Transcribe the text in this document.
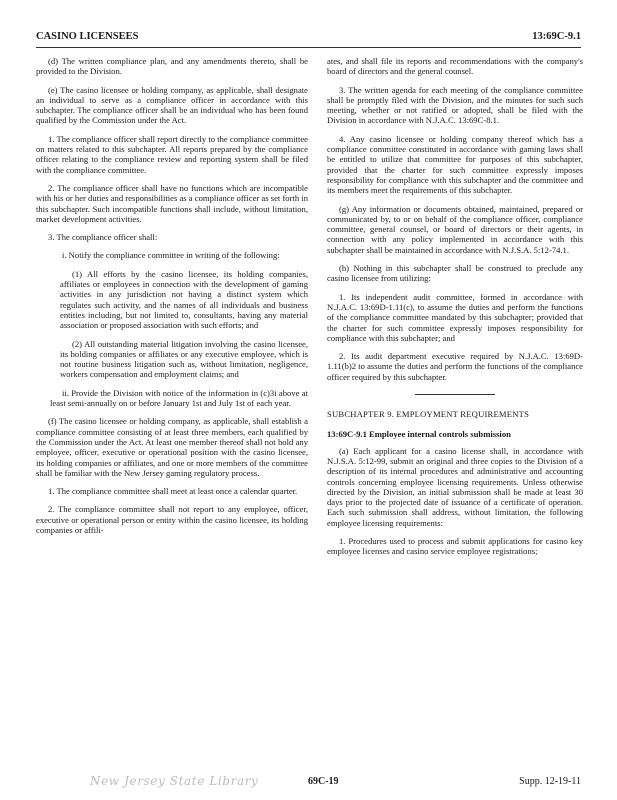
CASINO LICENSEES	13:69C-9.1

(d) The written compliance plan, and any amendments thereto, shall be provided to the Division.

(e) The casino licensee or holding company, as applicable, shall designate an individual to serve as a compliance officer in accordance with this subchapter. The compliance officer shall be an individual who has been found qualified by the Commission under the Act.

1. The compliance officer shall report directly to the compliance committee on matters related to this subchapter. All reports prepared by the compliance officer relating to the compliance review and reporting system shall be filed with the compliance committee.

2. The compliance officer shall have no functions which are incompatible with his or her duties and responsibilities as a compliance officer as set forth in this subchapter. Such incompatible functions shall include, without limitation, market development activities.

3. The compliance officer shall:

i. Notify the compliance committee in writing of the following:

(1) All efforts by the casino licensee, its holding companies, affiliates or employees in connection with the development of gaming activities in any jurisdiction not having a distinct system which regulates such activity, and the names of all individuals and business entities including, but not limited to, consultants, having any material association or proposed association with such efforts; and

(2) All outstanding material litigation involving the casino licensee, its holding companies or affiliates or any executive employee, which is not routine business litigation such as, without limitation, negligence, workers compensation and employment claims; and

ii. Provide the Division with notice of the information in (c)3i above at least semi-annually on or before January 1st and July 1st of each year.

(f) The casino licensee or holding company, as applicable, shall establish a compliance committee consisting of at least three members, each qualified by the Commission under the Act. At least one member thereof shall not hold any employee, officer, executive or operational position with the casino licensee, its holding companies or affiliates, and one or more members of the committee shall be familiar with the New Jersey gaming regulatory process.

1. The compliance committee shall meet at least once a calendar quarter.

2. The compliance committee shall not report to any employee, officer, executive or operational person or entity within the casino licensee, its holding companies or affili-

ates, and shall file its reports and recommendations with the company's board of directors and the general counsel.

3. The written agenda for each meeting of the compliance committee shall be promptly filed with the Division, and the minutes for such such meeting, whether or not ratified or adopted, shall be filed with the Division in accordance with N.J.A.C. 13:69C-8.1.

4. Any casino licensee or holding company thereof which has a compliance committee constituted in accordance with gaming laws shall be entitled to utilize that committee for purposes of this subchapter, provided that the charter for such committee expressly imposes responsibility for compliance with this subchapter and the committee and its members meet the requirements of this subchapter.

(g) Any information or documents obtained, maintained, prepared or communicated by, to or on behalf of the compliance officer, compliance committee, general counsel, or board of directors or their agents, in connection with any policy implemented in accordance with this subchapter shall be maintained in accordance with N.J.S.A. 5:12-74.1.

(h) Nothing in this subchapter shall be construed to preclude any casino licensee from utilizing:

1. Its independent audit committee, formed in accordance with N.J.A.C. 13:69D-1.11(c), to assume the duties and perform the functions of the compliance committee mandated by this subchapter; provided that the charter for such committee expressly imposes responsibility for compliance with this subchapter; and

2. Its audit department executive required by N.J.A.C. 13:69D-1.11(b)2 to assume the duties and perform the functions of the compliance officer required by this subchapter.

SUBCHAPTER 9. EMPLOYMENT REQUIREMENTS

13:69C-9.1 Employee internal controls submission

(a) Each applicant for a casino license shall, in accordance with N.J.S.A. 5:12-99, submit an original and three copies to the Division of a description of its internal procedures and administrative and accounting controls concerning employee licensing requirements. Unless otherwise directed by the Division, an initial submission shall be made at least 30 days prior to the projected date of issuance of a certificate of operation. Each such submission shall address, without limitation, the following employee licensing requirements:

1. Procedures used to process and submit applications for casino key employee licenses and casino service employee registrations;

New Jersey State Library	69C-19	Supp. 12-19-11
